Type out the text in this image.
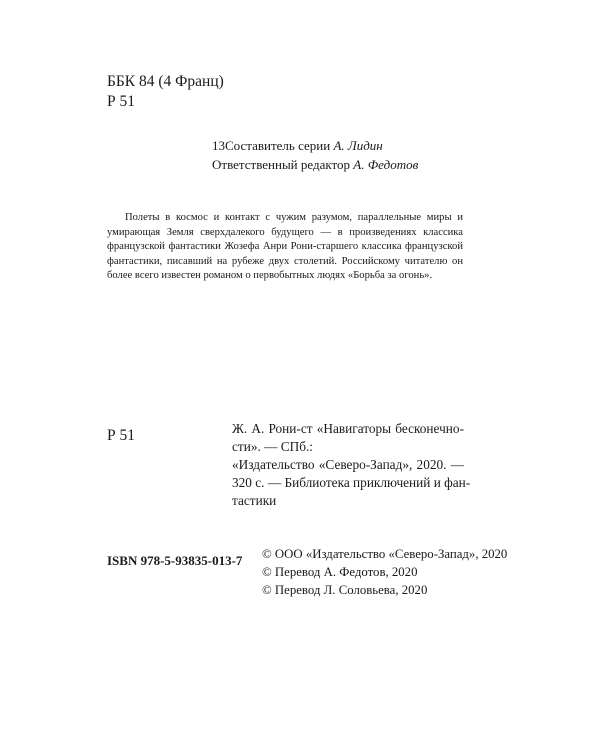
ББК 84 (4 Франц)
Р 51
13Составитель серии А. Лидин
Ответственный редактор А. Федотов

Полеты в космос и контакт с чужим разумом, параллельные миры и умирающая Земля сверхдалекого будущего — в произведениях классика французской фантастики Жозефа Анри Рони-старшего классика французской фантастики, писавший на рубеже двух столетий. Российскому читателю он более всего известен романом о первобытных людях «Борьба за огонь».

Р 51	Ж. А. Рони-ст «Навигаторы бесконечно-
сти». — СПб.:
«Издательство «Северо-Запад», 2020. —
320 с. — Библиотека приключений и фан-
тастики
ISBN 978-5-93835-013-7 © ООО «Издательство «Северо-Запад», 2020
© Перевод А. Федотов, 2020
© Перевод Л. Соловьева, 2020
